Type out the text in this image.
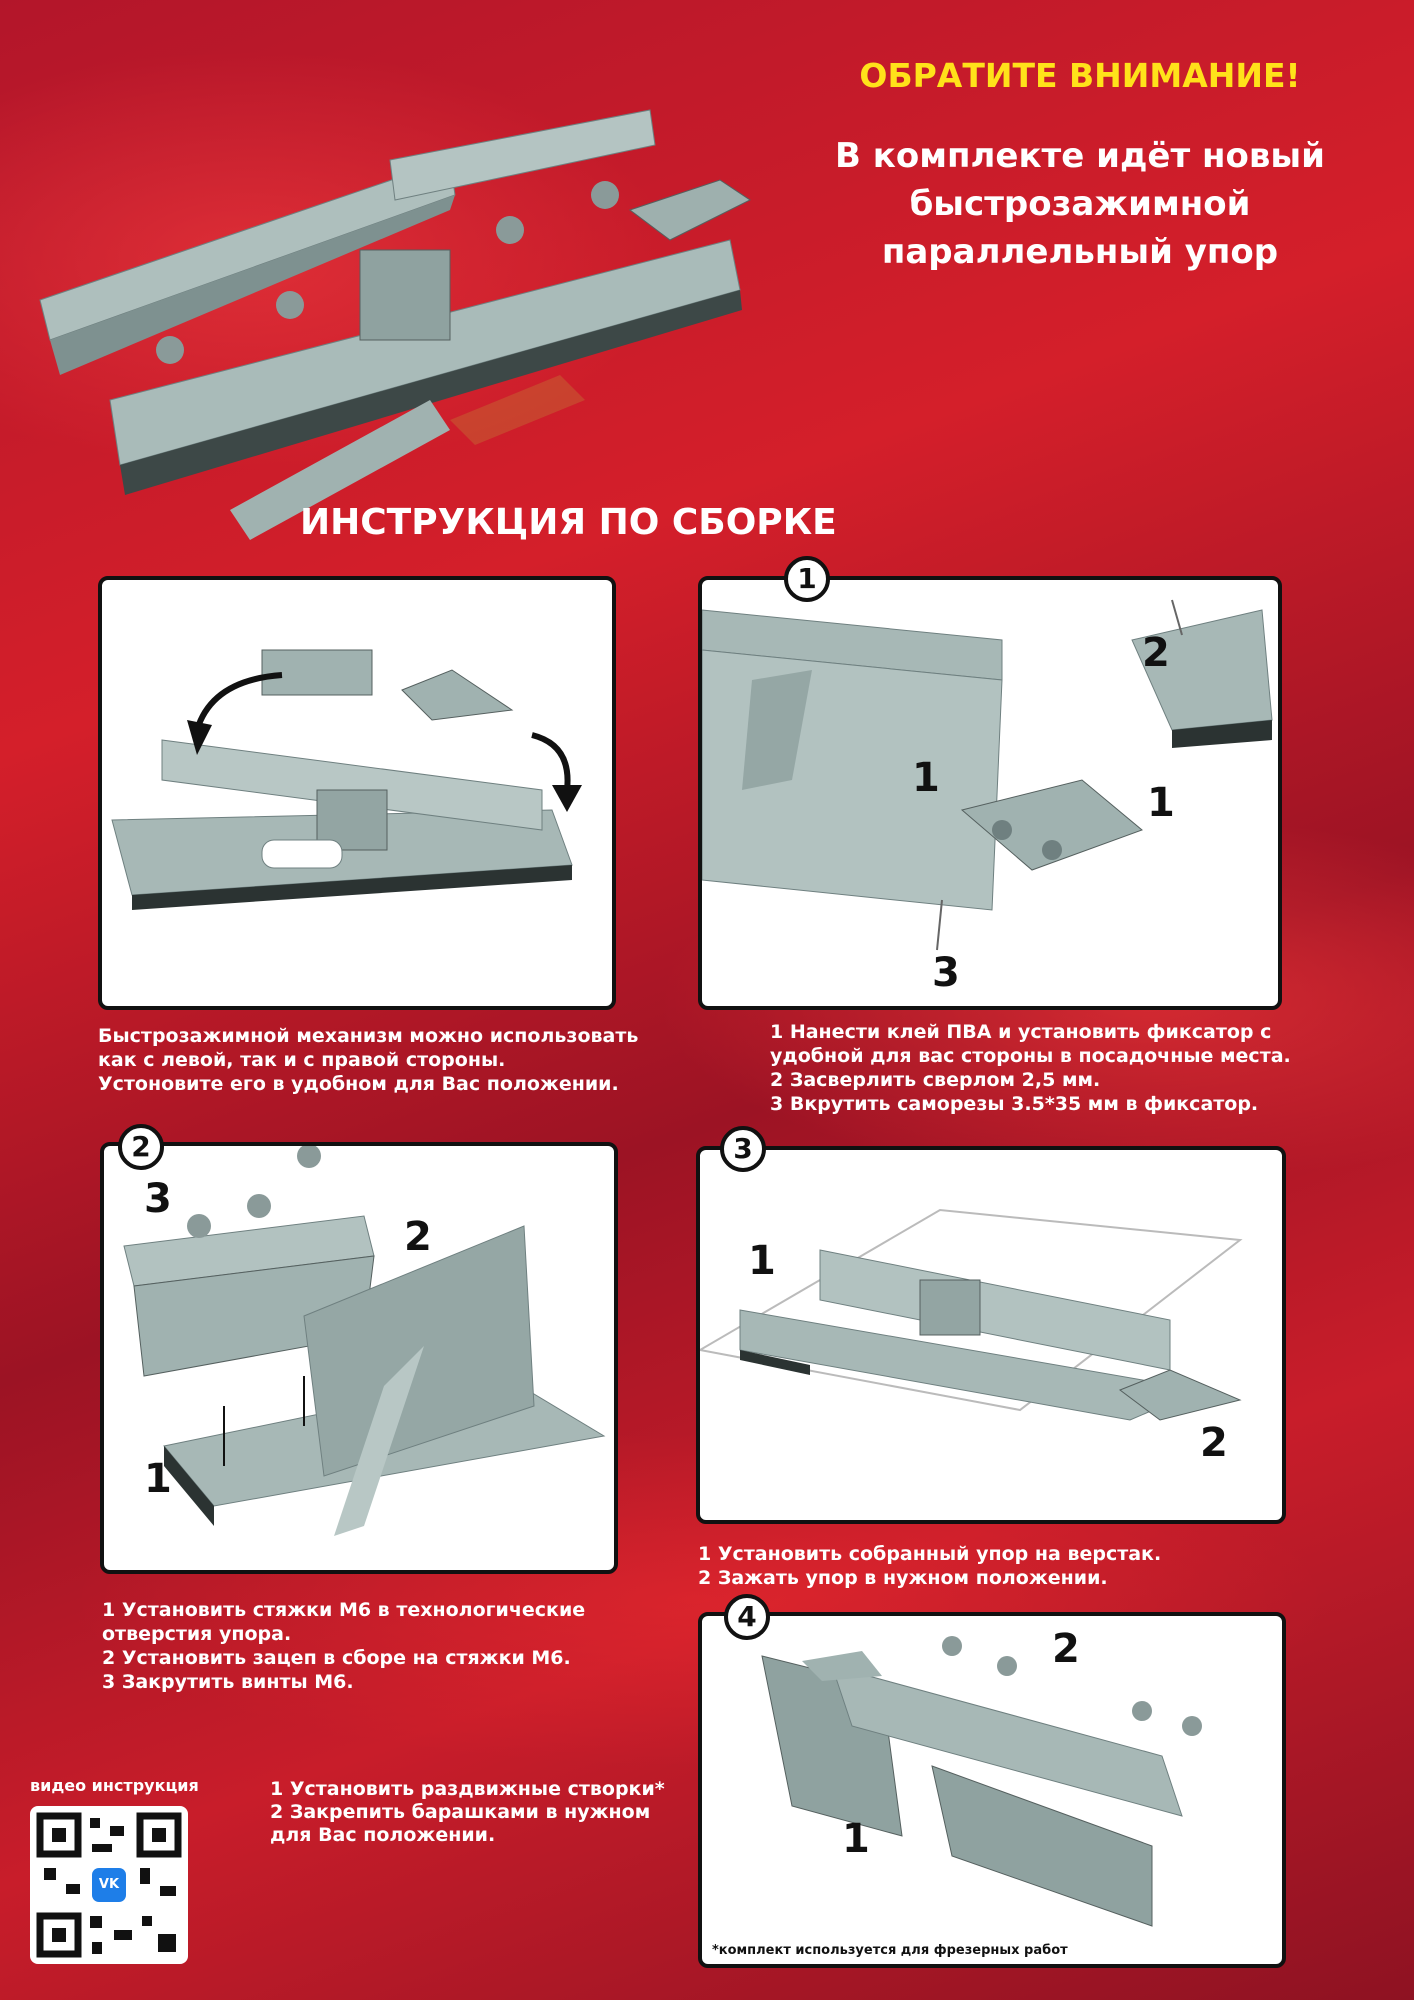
ОБРАТИТЕ ВНИМАНИЕ!
В комплекте идёт новый
быстрозажимной
параллельный упор
ИНСТРУКЦИЯ ПО СБОРКЕ
Быстрозажимной механизм можно использовать
как с левой, так и с правой стороны.
Устоновите его в удобном для Вас положении.
2
1
1
3
1
1 Нанести клей ПВА и установить фиксатор с
удобной для вас стороны в посадочные места.
2 Засверлить сверлом 2,5 мм.
3 Вкрутить саморезы 3.5*35 мм в фиксатор.
3
2
1
2
1 Установить стяжки М6 в технологические
отверстия упора.
2 Установить зацеп в сборе на стяжки М6.
3 Закрутить винты М6.
1
2
3
1 Установить собранный упор на верстак.
2 Зажать упор в нужном положении.
2
1
*комплект используется для фрезерных работ
4
1 Установить раздвижные створки*
2 Закрепить барашками в нужном
для Вас положении.
видео инструкция
VK
